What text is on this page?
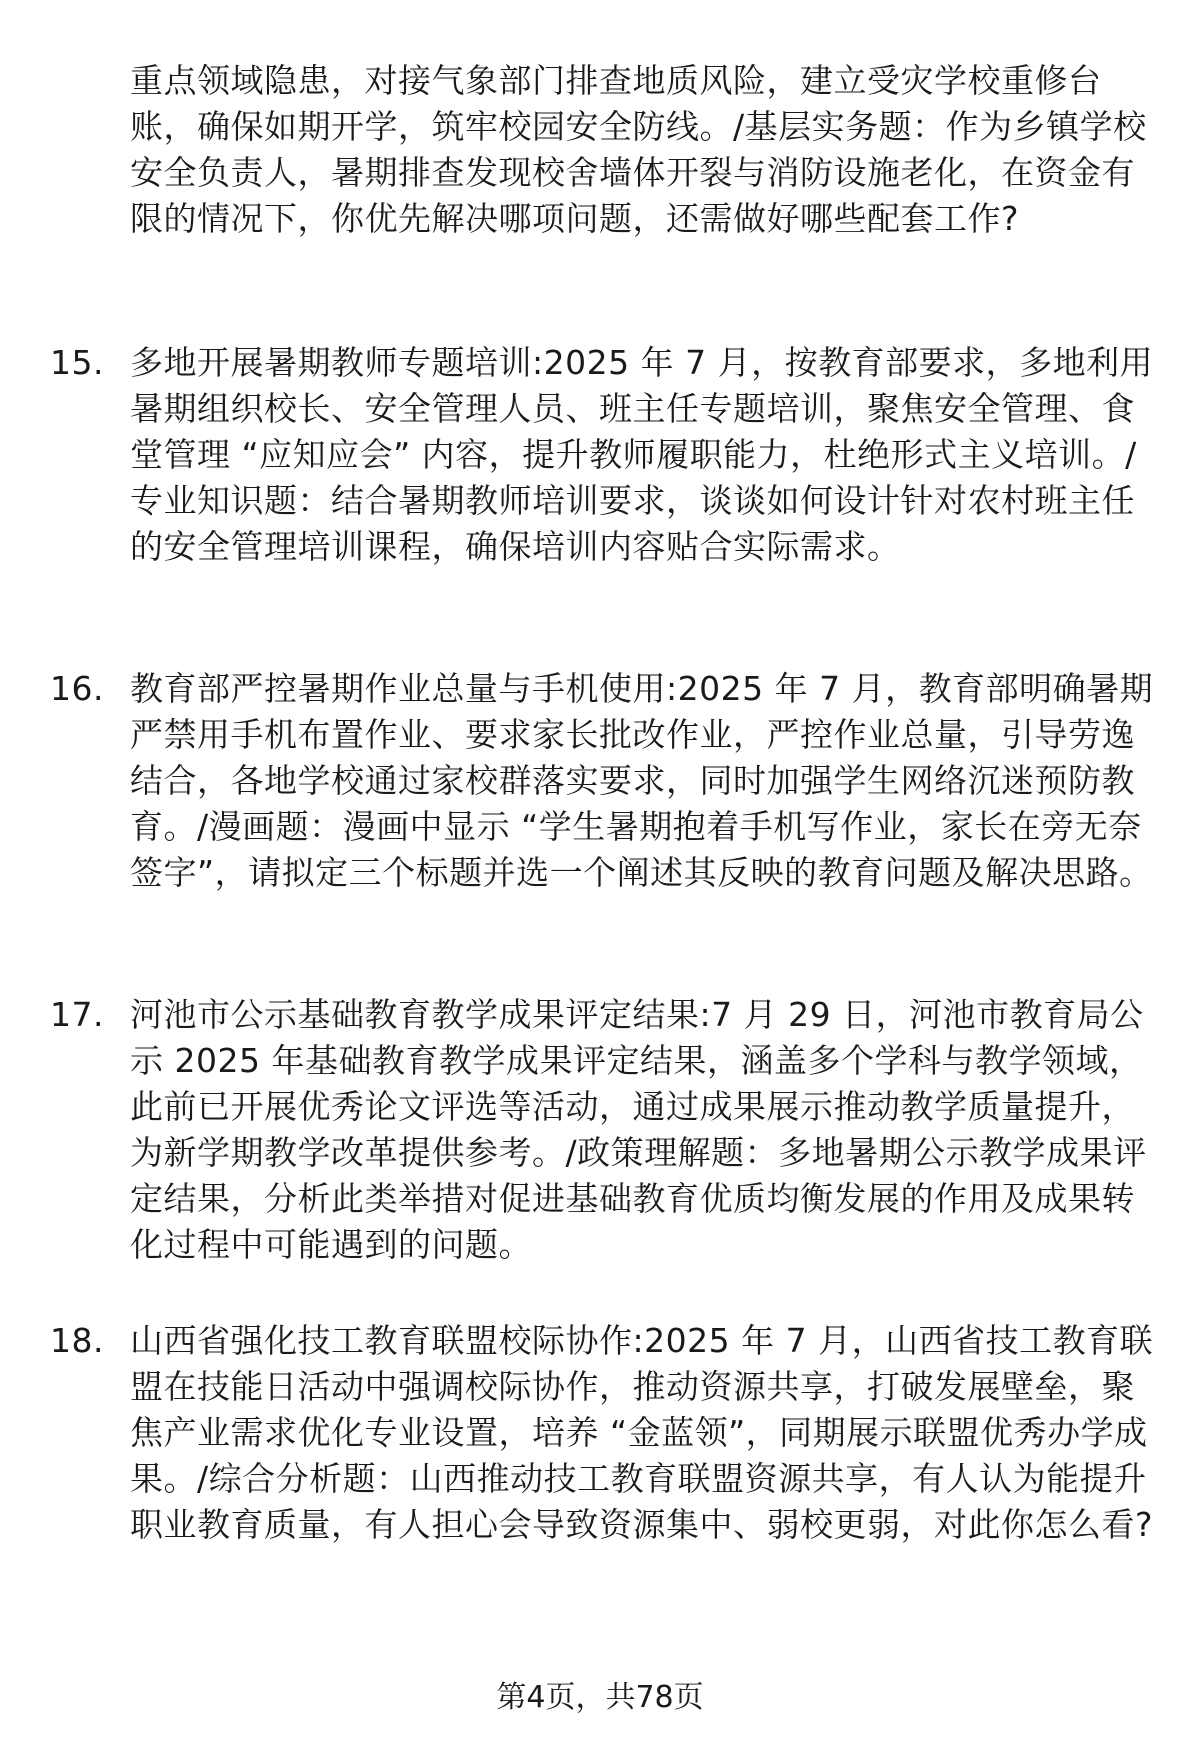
重点领域隐患，对接气象部门排查地质风险，建立受灾学校重修台账，确保如期开学，筑牢校园安全防线。/基层实务题：作为乡镇学校安全负责人，暑期排查发现校舍墙体开裂与消防设施老化，在资金有限的情况下，你优先解决哪项问题，还需做好哪些配套工作?
15. 多地开展暑期教师专题培训:2025 年 7 月，按教育部要求，多地利用暑期组织校长、安全管理人员、班主任专题培训，聚焦安全管理、食堂管理 “应知应会” 内容，提升教师履职能力，杜绝形式主义培训。/专业知识题：结合暑期教师培训要求，谈谈如何设计针对农村班主任的安全管理培训课程，确保培训内容贴合实际需求。
16. 教育部严控暑期作业总量与手机使用:2025 年 7 月，教育部明确暑期严禁用手机布置作业、要求家长批改作业，严控作业总量，引导劳逸结合，各地学校通过家校群落实要求，同时加强学生网络沉迷预防教育。/漫画题：漫画中显示 “学生暑期抱着手机写作业，家长在旁无奈签字”，请拟定三个标题并选一个阐述其反映的教育问题及解决思路。
17. 河池市公示基础教育教学成果评定结果:7 月 29 日，河池市教育局公示 2025 年基础教育教学成果评定结果，涵盖多个学科与教学领域，此前已开展优秀论文评选等活动，通过成果展示推动教学质量提升，为新学期教学改革提供参考。/政策理解题：多地暑期公示教学成果评定结果，分析此类举措对促进基础教育优质均衡发展的作用及成果转化过程中可能遇到的问题。
18. 山西省强化技工教育联盟校际协作:2025 年 7 月，山西省技工教育联盟在技能日活动中强调校际协作，推动资源共享，打破发展壁垒，聚焦产业需求优化专业设置，培养 “金蓝领”，同期展示联盟优秀办学成果。/综合分析题：山西推动技工教育联盟资源共享，有人认为能提升职业教育质量，有人担心会导致资源集中、弱校更弱，对此你怎么看?
第4页，共78页
